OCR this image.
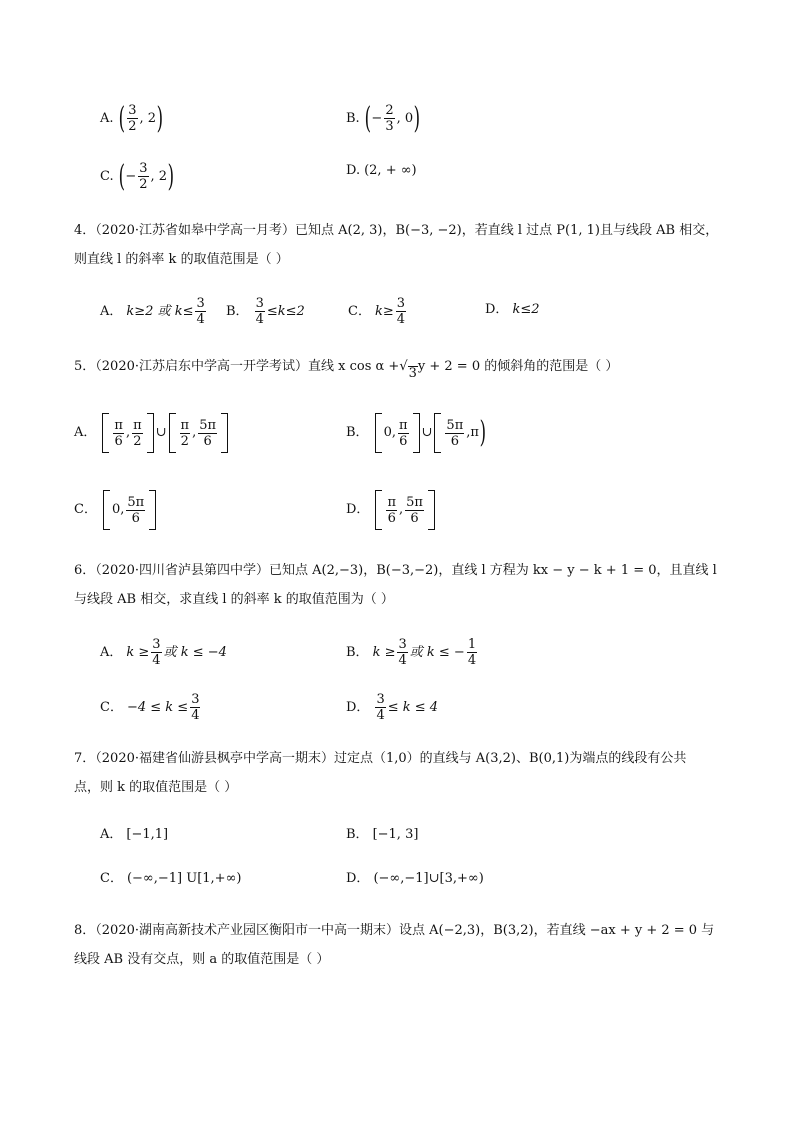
A. ( $\frac{3}{2}$ , 2 )	B. ( − $\frac{2}{3}$ , 0 )
C. ( − $\frac{3}{2}$ , 2 )	D. (2, + ∞)
4．（2020·江苏省如皋中学高一月考）已知点 A(2, 3)，B(−3, −2)，若直线 l 过点 P(1, 1)且与线段 AB 相交，
则直线 l 的斜率 k 的取值范围是（ ）
A． k≥2 或 $k\le \frac{3}{4}$ B． $\frac{3}{4} \le k\le 2$	C． $k\ge \frac{3}{4}$	D． k≤2
5．（2020·江苏启东中学高一开学考试）直线 x cos α + √ 3 y + 2 = 0 的倾斜角的范围是（ ）
A． $\frac{\pi}{6}$ , $\frac{\pi}{2}$ ∪ $\frac{\pi}{2}$ , $\frac{5\pi}{6}$	B． 0, $\frac{\pi}{6}$ ∪ $\frac{5\pi}{6} ,\pi$ )
C． 0, $\frac{5\pi}{6}$	D． $\frac{\pi}{6}$ , $\frac{5\pi}{6}$
6．（2020·四川省泸县第四中学）已知点 A(2,−3)，B(−3,−2)，直线 l 方程为 kx − y − k + 1 = 0，且直线 l
与线段 AB 相交，求直线 l 的斜率 k 的取值范围为（ ）
A． $k \ge \frac{3}{4}$ 或 k ≤ −4	B． $k \ge \frac{3}{4}$ 或 k ≤ − $\frac{1}{4}$
C． $-4 \le k \le \frac{3}{4}$	D． $\frac{3}{4} \le k \le 4$
7．（2020·福建省仙游县枫亭中学高一期末）过定点（1,0）的直线与 A(3,2)、B(0,1)为端点的线段有公共
点，则 k 的取值范围是（ ）
A． [−1,1]	B． [−1, 3]
C． (−∞,−1] U[1,+∞)	D． (−∞,−1]∪[3,+∞)
8．（2020·湖南高新技术产业园区衡阳市一中高一期末）设点 A(−2,3)，B(3,2)，若直线 −ax + y + 2 = 0 与
线段 AB 没有交点，则 a 的取值范围是（ ）
